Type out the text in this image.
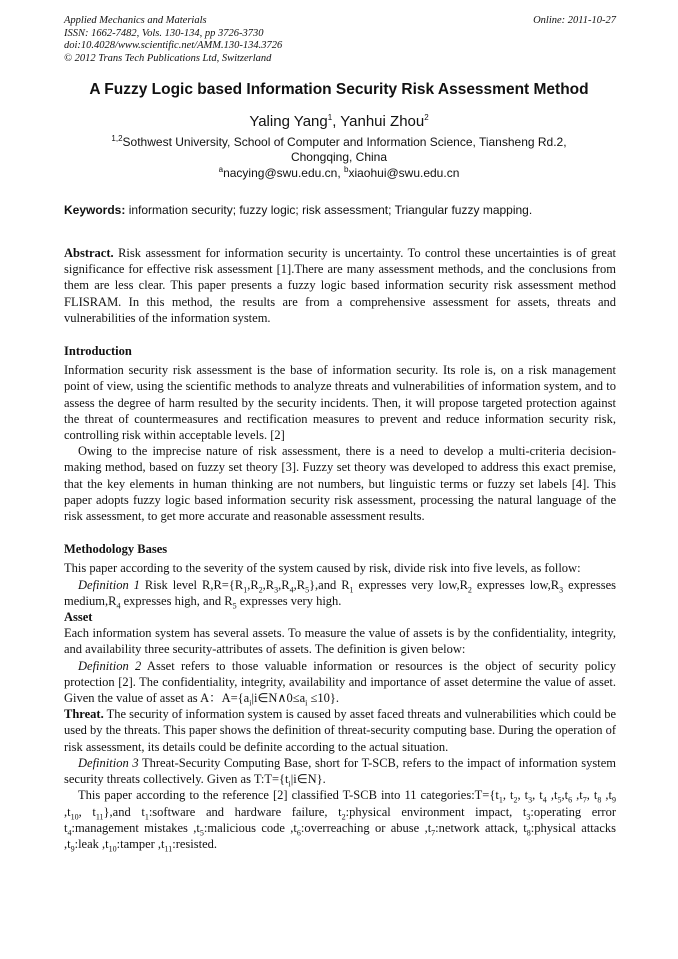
Applied Mechanics and Materials
ISSN: 1662-7482, Vols. 130-134, pp 3726-3730
doi:10.4028/www.scientific.net/AMM.130-134.3726
© 2012 Trans Tech Publications Ltd, Switzerland
Online: 2011-10-27
A Fuzzy Logic based Information Security Risk Assessment Method
Yaling Yang$^1$, Yanhui Zhou$^2$
$^{1,2}$Sothwest University, School of Computer and Information Science, Tiansheng Rd.2,
Chongqing, China
$^a$nacying@swu.edu.cn, $^b$xiaohui@swu.edu.cn
Keywords: information security; fuzzy logic; risk assessment; Triangular fuzzy mapping.

Abstract. Risk assessment for information security is uncertainty. To control these uncertainties is of great significance for effective risk assessment [1].There are many assessment methods, and the conclusions from them are less clear. This paper presents a fuzzy logic based information security risk assessment method FLISRAM. In this method, the results are from a comprehensive assessment for assets, threats and vulnerabilities of the information system.

Introduction

Information security risk assessment is the base of information security. Its role is, on a risk management point of view, using the scientific methods to analyze threats and vulnerabilities of information system, and to assess the degree of harm resulted by the security incidents. Then, it will propose targeted protection against the threat of countermeasures and rectification measures to prevent and reduce information security risk, controlling risk within acceptable levels. [2]

Owing to the imprecise nature of risk assessment, there is a need to develop a multi-criteria decision-making method, based on fuzzy set theory [3]. Fuzzy set theory was developed to address this exact premise, that the key elements in human thinking are not numbers, but linguistic terms or fuzzy set labels [4]. This paper adopts fuzzy logic based information security risk assessment, processing the natural language of the risk assessment, to get more accurate and reasonable assessment results.

Methodology Bases

This paper according to the severity of the system caused by risk, divide risk into five levels, as follow:

Definition 1 Risk level $R,R=\{R_1,R_2,R_3,R_4,R_5\},and$ $R_1$ expresses very $low,R_2$ expresses $low,R_3$ expresses $medium,R_4$ expresses high, and $R_5$ expresses very high.

Asset

Each information system has several assets. To measure the value of assets is by the confidentiality, integrity, and availability three security-attributes of assets. The definition is given below:

Definition 2 Asset refers to those valuable information or resources is the object of security policy protection [2]. The confidentiality, integrity, availability and importance of asset determine the value of asset. Given the value of asset as A：$A=\{a_i|i\in N\wedge 0\le a_i \le 10\}$.

Threat. The security of information system is caused by asset faced threats and vulnerabilities which could be used by the threats. This paper shows the definition of threat-security computing base. During the operation of risk assessment, its details could be definite according to the actual situation.

Definition 3 Threat-Security Computing Base, short for T-SCB, refers to the impact of information system security threats collectively. Given as $T:T=\{t_i|i\in N\}$.

This paper according to the reference [2] classified T-SCB into 11 $categories:T=\{t_1$, $t_2$, $t_3$, $t_4$ $,t_5,t_6$ $,t_7$, $t_8$ $,t_9$ $,t_{10}$, $t_{11}\},and$ $t_1:software$ and hardware failure, $t_2:physical$ environment impact, $t_3:operating$ error $t_4:management$ mistakes $,t_5:malicious$ code $,t_6:overreaching$ or abuse $,t_7:network$ attack, $t_8:physical$ attacks $,t_9:leak$ $,t_{10}:tamper$ $,t_{11}:resisted$.
